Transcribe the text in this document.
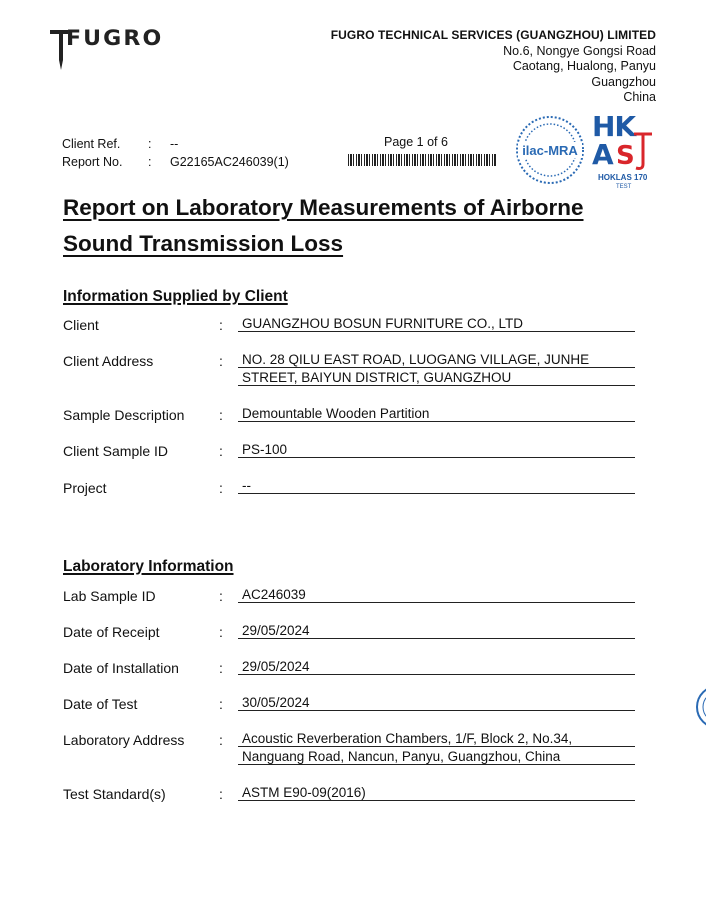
FUGRO	FUGRO TECHNICAL SERVICES (GUANGZHOU) LIMITED
No.6, Nongye Gongsi Road
Caotang, Hualong, Panyu
Guangzhou
China
Client Ref. : --
Report No. : G22165AC246039(1)
Page 1 of 6
ilac-MRA
HK
A S
HOKLAS 170
TEST
Report on Laboratory Measurements of Airborne
Sound Transmission Loss
Information Supplied by Client
Client	: GUANGZHOU BOSUN FURNITURE CO., LTD
Client Address	: NO. 28 QILU EAST ROAD, LUOGANG VILLAGE, JUNHE
STREET, BAIYUN DISTRICT, GUANGZHOU
Sample Description : Demountable Wooden Partition
Client Sample ID	: PS-100
Project	: --
Laboratory Information
Lab Sample ID	: AC246039
Date of Receipt	: 29/05/2024
Date of Installation	: 29/05/2024
Date of Test	: 30/05/2024
Laboratory Address : Acoustic Reverberation Chambers, 1/F, Block 2, No.34,
Nanguang Road, Nancun, Panyu, Guangzhou, China
Test Standard(s)	: ASTM E90-09(2016)
